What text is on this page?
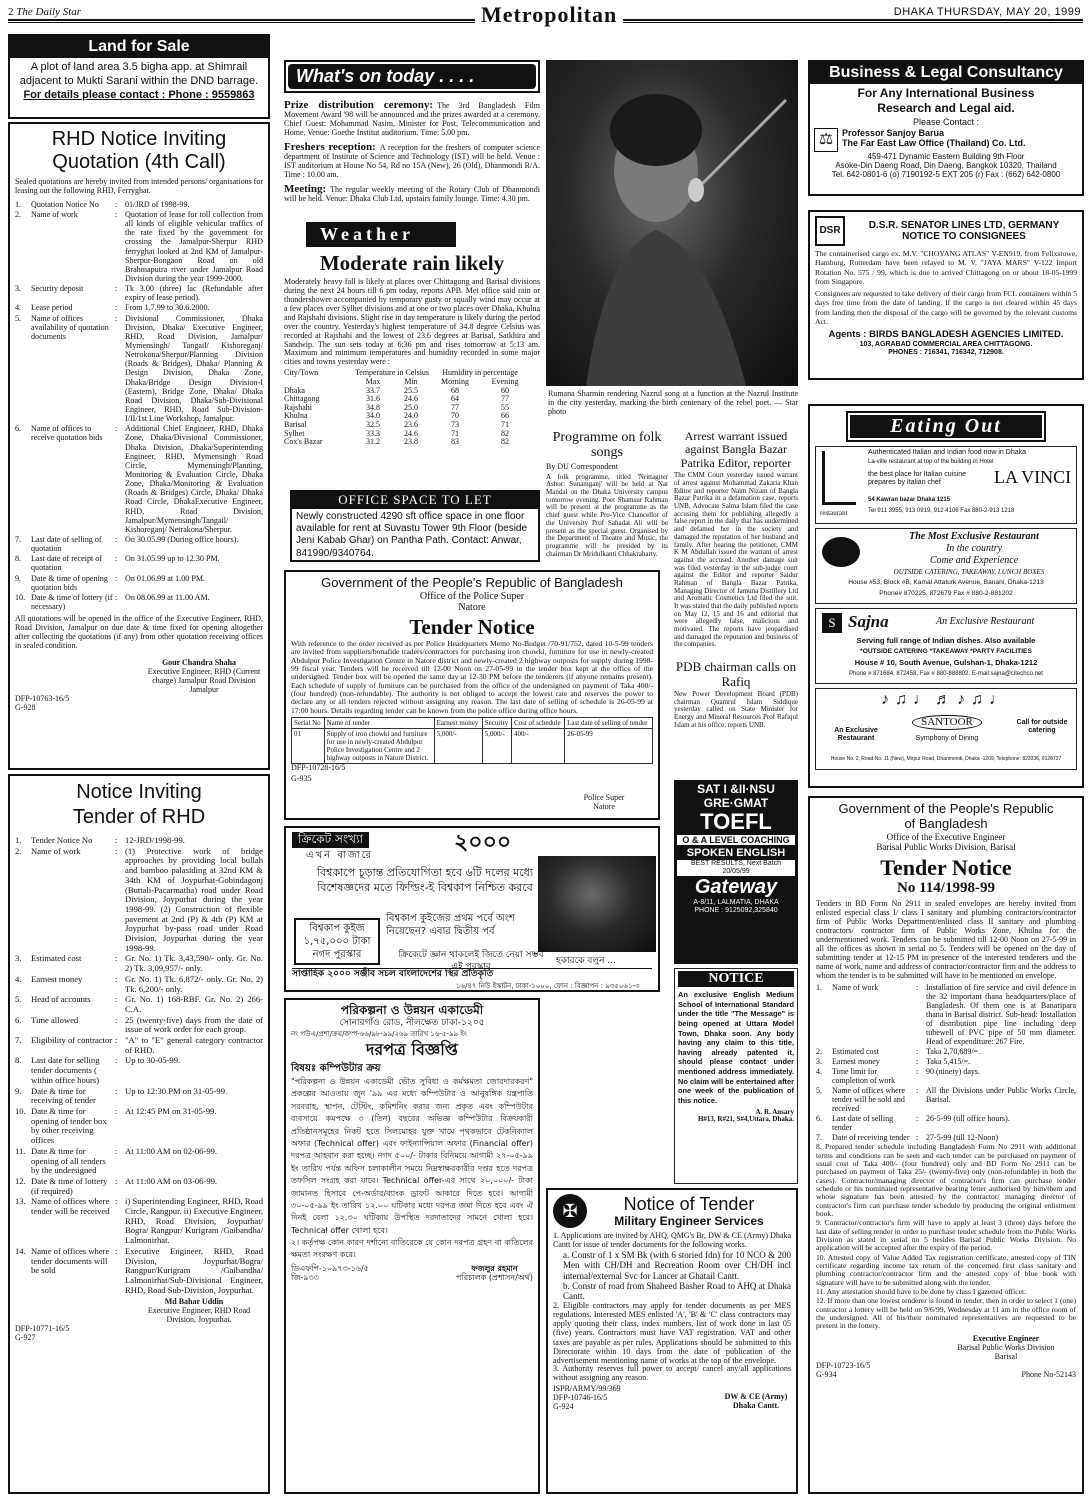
2 The Daily Star	Metropolitan	DHAKA THURSDAY, MAY 20, 1999
Land for Sale
A plot of land area 3.5 bigha app. at Shimrail adjacent to Mukti Sarani within the DND barrage.
For details please contact : Phone : 9559863
RHD Notice Inviting Quotation (4th Call)
Sealed quotations are hereby invited from intended persons/ organisations for leasing out the following RHD, Ferryghat.
1.	Quotation Notice No	: 01/JRD of 1998-99.
2.	Name of work	: Quotation of lease for toll collection from all kinds of eligible vehicular traffics of the rate fixed by the government for crossing the Jamalpur-Sherpur RHD ferryghat looked at 2nd KM of Jamalpur-Sherpur-Bongaon Road on old Brahmaputra river under Jamalpur Road Division during the year 1999-2000.
3.	Security deposit	: Tk 3.00 (three) lac (Refundable after expiry of lease period).
4.	Lease period	: From 1.7.99 to 30.6.2000.
5.	Name of offices availability of quotation documents
: Divisional Commissioner, Dhaka Division, Dhaka/ Executive Engineer, RHD, Road Division, Jamalpur/ Mymensingh/ Tangail/ Kishoreganj/ Netrokona/Sherpur/Planning Division (Roads & Bridges), Dhaka/ Planning & Design Division, Dhaka Zone, Dhaka/Bridge Design Division-I (Eastern), Bridge Zone, Dhaka/ Dhaka Road Division, Dhaka/Sub-Divisional Engineer, RHD, Road Sub-Division-I/II/1st Line Workshop, Jamalpur.
6.	Name of offices to receive quotation bids
: Additional Chief Engineer, RHD, Dhaka Zone, Dhaka/Divisional Commissioner, Dhaka Division, Dhaka/Superintending Engineer, RHD, Mymensingh Road Circle, Mymensingh/Planning, Monitoring & Evaluation Circle, Dhaka Zone, Dhaka/Monitoring & Evaluation (Roads & Bridges) Circle, Dhaka/ Dhaka Road Circle, DhakaExecutive Engineer, RHD, Road Division, Jamalpur/Mymensingh/Tangail/ Kishoreganj/ Netrakona/Sherpur.
7.	Last date of selling of quotation
: On 30.05.99 (During office hours).
8.	Last date of receipt of quotation
: On 31.05.99 up to 12.30 PM.
9.	Date & time of opening quotation bids
: On 01.06.99 at 1.00 PM.
10. Date & time of lottery (if necessary)
: On 08.06.99 at 11.00 AM.
All quotations will be opened in the office of the Executive Engineer, RHD, Road Division, Jamalpur on due date & time fixed for opening altogether after collecting the quotations (if any) from other quotation receiving offices in sealed condition.
Gour Chandra Shaha
Executive Engineer, RHD (Current charge) Jamalpur Road Division Jamalpur
DFP-10763-16/5
G-928
Notice Inviting Tender of RHD
1.	Tender Notice No	: 12-JRD/1998-99.
2.	Name of work	: (1) Protective work of bridge approaches by providing local bullah and bamboo palasiding at 32nd KM & 34th KM of Joypurhat-Gobindagonj (Buttali-Pacarmatha) road under Road Division, Joypurhat during the year 1998-99. (2) Construction of flexible pavement at 2nd (P) & 4th (P) KM at Joypurhat by-pass road under Road Division, Joypurhat during the year 1998-99.
3.	Estimated cost	: Gr. No. 1) Tk. 3,43,590/- only. Gr. No. 2) Tk. 3,09,957/- only.
4.	Earnest money	: Gr. No. 1) Tk. 6,872/- only. Gr. No. 2) Tk. 6,200/- only.
5.	Head of accounts	: Gr. No. 1) 168-RBF. Gr. No. 2) 266-C.A.
6.	Time allowed	: 25 (twenty-five) days from the date of issue of work order for each group.
7.	Eligibility of contractor : "A" to "E" general category contractor of RHD.
8.	Last date for selling tender documents ( within office hours)
: Up to 30-05-99.
9.	Date & time for receiving of tender
: Up to 12:30 PM on 31-05-99.
10. Date & time for opening of tender box by other receiving offices
: At 12:45 PM on 31-05-99.
11. Date & time for opening of all tenders by the undersigned
: At 11:00 AM on 02-06-99.
12. Date & time of lottery (if required)
: At 11:00 AM on 03-06-99.
13. Name of offices where tender will be received
: i) Superintending Engineer, RHD, Road Circle, Rangpur. ii) Executive Engineer, RHD, Road Division, Joypurhat/ Bogra/ Rangpur/ Kurigram /Gaibandha/ Lalmonirhat.
14. Name of offices where tender documents will be sold
: Executive Engineer, RHD, Road Division, Joypurhat/Bogra/ Rangpur/Kurigram /Gaibandha/ Lalmonirhat/Sub-Divisional Engineer, RHD, Road Sub-Division, Joypurhat.
Md Bahar Uddin
Executive Engineer, RHD Road Division, Joypurhat.
DFP-10771-16/5
G-927
What's on today . . . .
Prize distribution ceremony: The 3rd Bangladesh Film Movement Award '98 will be announced and the prizes awarded at a ceremony. Chief Guest: Mohammad Nasim, Minister for Post, Telecommunication and Home. Venue: Goethe Institut auditorium. Time: 5.00 pm.
Freshers reception: A reception for the freshers of computer science department of Institute of Science and Technology (IST) will be held. Venue : IST auditorium at House No 54, Rd no 15A (New), 26 (Old), Dhanmondi R/A. Time : 10.00 am.
Meeting: The regular weekly meeting of the Rotary Club of Dhanmondi will be held. Venue: Dhaka Club Ltd, upstairs family lounge. Time: 4.30 pm.
Weather
Moderate rain likely
Moderately heavy fall is likely at places over Chittagong and Barisal divisions during the next 24 hours till 6 pm today, reports APB. Met office said rain or thundershower accompanied by temporary gusty or squally wind may occur at a few places over Sylhet divisions and at one or two places over Dhaka, Khulna and Rajshahi divisions. Slight rise in day temperature is likely during the period over the country. Yesterday's highest temperature of 34.8 degree Celsius was recorded at Rajshahi and the lowest of 23.6 degrees at Barisal, Satkhira and Sandwip. The sun sets today at 6:36 pm and rises tomorrow at 5:13 am. Maximum and minimum temperatures and humidity recorded in some major cities and towns yesterday were :
City/Town	Temperature in Celsius	Humidity in percentage
Max	Min	Morning	Evening
Dhaka	33.7	25.5	68	60
Chittagong	31.6	24.6	64	77
Rajshahi	34.8	25.0	77	55
Khulna	34.0	24.0	70	66
Barisal	32.5	23.6	73	71
Sylhet	33.3	24.6	71	82
Cox's Bazar	31.2	23.8	83	82
OFFICE SPACE TO LET
Newly constructed 4290 sft office space in one floor available for rent at Suvastu Tower 9th Floor (beside Jeni Kabab Ghar) on Pantha Path. Contact: Anwar, 841990/9340764.
Government of the People's Republic of Bangladesh
Office of the Police Super Natore
Tender Notice
With reference to the order received as per Police Headquarters Memo No-Budget /70-91/752, dated 10-5-99 tenders are invited from suppliers/bonafide traders/contractors for purchasing iron chowki, furniture for use in newly-created Abdulpur Police Investigation Centre in Natore district and newly-created 2 highway outposts for supply during 1998-99 fiscal year. Tenders will be received till 12-00 Noon on 27-05-99 in the tender box kept at the office of the undersigned. Tender box will be opened the same day at 12-30 PM before the tenderers (if anyone remains present). Each schedule of supply of furniture can be purchased from the office of the undersigned on payment of Taka 400/- (four hundred) (non-refundable). The authority is not obliged to accept the lowest rate and reserves the power to declare any or all tenders rejected without assigning any reason. The last date of selling of schedule is 26-05-99 at 17:00 hours. Details regarding tender can be known from the police office during office hours.
Serial No	Name of tender	Earnest money	Security	Cost of schedule	Last date of selling of tender
01	Supply of iron chowki and furniture for use in newly-created Abdulpur Police Investigation Centre and 2 highway outposts in Natore District.	5,000/-	5,000/-	400/-	26-05-99
DFP-10728-16/5
G-935
Police Super Natore
ক্রিকেট সংখ্যা
এখন বাজারে
২০০০
বিশ্বকাপে চূড়ান্ত প্রতিযোগিতা হবে ৬টি দলের মধ্যে বিশেষজ্ঞদের মতে ফিল্ডিং-ই বিশ্বকাপ নিশ্চিত করবে
বিশ্বকাপ কুইজ ১,৭৫,০০০ টাকা নগদ পুরস্কার
বিশ্বকাপ কুইজের প্রথম পর্বে অংশ নিয়েছেন? এবার দ্বিতীয় পর্ব
ক্রিকেটে জ্ঞান থাকলেই জিতে নেয়া সম্ভব এই পুরস্কার
হকারকে বলুন ...
সাপ্তাহিক ২০০০ সঞ্জীব সচল বাংলাদেশের স্থির প্রতিকৃতি
১৬/৪৭ নিউ ইস্কাটন, ঢাকা-১০০০, ফোন : বিজ্ঞাপন : ৯৩৫০৬১-৩
পরিকল্পনা ও উন্নয়ন একাডেমী
সোনারগাঁও রোড, নীলক্ষেত ঢাকা-১২০৫
নং পউএ/প্রশা/ক্রয়/কম্প-৬৬/৯৮-৯৯/২৬৯ তারিখ ১৬-৫-৯৯ ইং
দরপত্র বিজ্ঞপ্তি
বিষয়ঃ কম্পিউটার ক্রয়
"পরিকল্পনা ও উন্নয়ন একাডেমী ভৌত সুবিধা ও কর্মক্ষমতা জোরদারকরণ" প্রকল্পের আওতায় জুন '৯৯ এর মধ্যে কম্পিউটার ও আনুষঙ্গিক যন্ত্রপাতি সরবরাহ, স্থাপন, টেস্টিং, কমিশনিং করার জন্য প্রকৃত এবং কম্পিউটার ব্যবসায়ে কমপক্ষে ৩ (তিন) বছরের অভিজ্ঞ কম্পিউটার বিক্রয়কারী প্রতিষ্ঠানসমূহের নিকট হতে সিলমোহর যুক্ত খামে পৃথকভাবে টেকনিক্যাল অফার (Technical offer) এবং ফাইন্যান্সিয়াল অফার (Financial offer) দরপত্র আহবান করা হচ্ছে। নগদ ৫০০/- টাকার বিনিময়ে আগামী ২৭-০৫-৯৯ ইং তারিখ পর্যন্ত অফিস চলাকালীন সময়ে নিম্নস্বাক্ষরকারীর দপ্তর হতে দরপত্র তফসিল সংগ্রহ করা যাবে। Technical offer-এর সাথে ২০,০০০/- টাকা জামানত হিসাবে পে-অর্ডার/ব্যাংক ড্রাফট আকারে দিতে হবে। আগামী ৩০-০৫-৯৯ ইং তারিখ ১২.০০ ঘটিকার মধ্যে দরপত্র জমা দিতে হবে এবং ঐ দিনই বেলা ১২.৩০ ঘটিকায় উপস্থিত দরদাতাদের সামনে খোলা হবে। Technical offer খোলা হবে।
২। কর্তৃপক্ষ কোন কারণ দর্শানো ব্যতিরেকে যে কোন দরপত্র গ্রহণ বা বাতিলের ক্ষমতা সংরক্ষণ করে।
ডিএফপি-১০৯৭৩-১৬/৫
জি-৯৩৩
ফজলুর রহমান
পরিচালক (প্রশাসন/অর্থ)
Rumana Sharmin rendering Nazrul song at a function at the Nazrul Institute in the city yesterday, marking the birth centenary of the rebel poet. — Star photo
Programme on folk songs
By DU Correspondent
A folk programme, titled 'Nrittagiter Ashor: Sunamganj' will be held at Nat Mandal on the Dhaka University campus tomorrow evening. Poet Shamsur Rahman will be present at the programme as the chief guest while Pro-Vice Chancellor of the University Prof Sahadat Ali will be present as the special guest. Organised by the Department of Theatre and Music, the programme will be presided by its chairman Dr Mridulkanti Chhakrabarty.
Arrest warrant issued against Bangla Bazar Patrika Editor, reporter
The CMM Court yesterday issued warrant of arrest against Mohammad Zakaria Khan Editor and reporter Naim Nizam of Bangla Bazar Patrika in a defamation case, reports UNB. Advocate Salma Islam filed the case accusing them for publishing allegedly a false report in the daily that has undermined and defamed her in the society and damaged the reputation of her husband and family. After hearing the petitioner, CMM K M Abdullah issued the warrant of arrest against the accused. Another damage suit was filed yesterday in the sub-judge court against the Editor and reporter Saidur Rahman of Bangla Bazar Patrika, Managing Director of Jamuna Distillery Ltd and Aromatic Cosmetics Ltd filed the suit. It was stated that the daily published reports on May 12, 15 and 16 and editorial that were allegedly false, malicious and motivated. The reports have jeopardised and damaged the reputation and business of the companies.
PDB chairman calls on Rafiq
New Power Development Board (PDB) chairman Quamrul Islam Siddique yesterday called on State Minister for Energy and Mineral Resources Prof Rafiqul Islam at his office, reports UNB.
SAT I &II·NSU
GRE·GMAT
TOEFL
O & A LEVEL COACHING
SPOKEN ENGLISH
BEST RESULTS, Next Batch 20/05/99
Gateway
A-8/11, LALMATIA, DHAKA
PHONE : 9125092,325840
NOTICE
An exclusive English Medium School of International Standard under the title "The Message" is being opened at Uttara Model Town, Dhaka soon. Any body having any claim to this title, having already patented it, should please contact under mentioned address immediately. No claim will be entertained after one week of the publication of this notice.
A. R. Ansary
H#13, R#21, S#4,Uttara, Dhaka.
✠	Notice of Tender
Military Engineer Services
1. Applications are invited by AHQ, QMG's Br, DW & CE (Army) Dhaka Cantt for issue of tender documents for the following works.
a. Constr of 1 x SM Bk (with 6 storied fdn) for 10 NCO & 200 Men with CH/DH and Recreation Room over CH/DH incl internal/external Svc for Lancer at Ghatail Cantt.
b. Constr of road from Shaheed Basher Road to AHQ at Dhaka Cantt.
2. Eligible contractors may apply for tender documents as per MES regulations. Interested MES enlisted 'A', 'B' & 'C' class contractors may apply quoting their class, index numbers, list of work done in last 05 (five) years. Contractors must have VAT registration. VAT and other taxes are payable as per rules. Applications should be submitted to this Directorate within 10 days from the date of publication of the advertisement mentioning name of works at the top of the envelope.
3. Authority reserves full power to accept/ cancel any/all applications without assigning any reason.
ISPR/ARMY/99/369
DFP-10746-16/5
G-924
DW & CE (Army) Dhaka Cantt.
Business & Legal Consultancy
For Any International Business Research and Legal aid.
Please Contact :
⚖ Professor Sanjoy Barua
The Far East Law Office (Thailand) Co. Ltd.
459-471 Dynamic Eastern Building 9th Floor
Asoke-Din Daeng Road, Din Daeng, Bangkok 10320, Thailand
Tel. 642-0801-6 (o) 7190192-5 EXT 205 (r) Fax : (662) 642-0800
DSR	D.S.R. SENATOR LINES LTD, GERMANY
NOTICE TO CONSIGNEES
The containerised cargo ex. M.V. "CHOYANG ATLAS" V-EN919, from Felixstowe, Hamburg, Rotterdam have been relayed to M. V. "JAYA MARS" V-122 Import Rotation No. 575 / 99, which is due to arrived Chittagong on or about 18-05-1999 from Singapore.
Consignees are requested to take delivery of their cargo from FCL containers within 5 days free time from the date of landing. If the cargo is not cleared within 45 days from landing then the disposal of the cargo will be governed by the relevant customs Act.
Agents : BIRDS BANGLADESH AGENCIES LIMITED.
103, AGRABAD COMMERCIAL AREA CHITTAGONG.
PHONES : 716341, 716342, 712908.
Eating Out
Authenticated Italian and Indian food now in Dhaka
La-ville restaurant at top of the building in Hotel
the best place for Italian cuisine prepares by Italian chef	LA VINCI
54 Kawran bazar Dhaka 1215
Tel 911 3955, 913 0919, 912 4106 Fax 880-2-913 1218
restaurant
The Most Exclusive Restaurant
In the country
Come and Experience
OUTSIDE CATERING, TAKEAWAY, LUNCH BOXES
House #53, Block #B, Kamal Attaturk Avenue, Banani, Dhaka-1213
Phone# 870225, 872679 Fax # 880-2-881202
S Sajna	An Exclusive Restaurant
Serving full range of Indian dishes. Also available
*OUTSIDE CATERING *TAKEAWAY *PARTY FACILITIES
House # 10, South Avenue, Gulshan-1, Dhaka-1212
Phone # 871684, 872458, Fax # 880-888802. E-mail:sajna@citechco.net
♪♫♩♬♪♫♩
SANTOOR
An Exclusive Restaurant	Symphony of Dining
Call for outside catering
House No. 2, Road No. 11 (New), Mirpur Road, Dhanmondi, Dhaka -1209, Telephone: 823336, 9128737
Government of the People's Republic of Bangladesh
Office of the Executive Engineer
Barisal Public Works Division, Barisal
Tender Notice
No 114/1998-99
Tenders in BD Form No 2911 in sealed envelopes are hereby invited from enlisted especial class I/ class I sanitary and plumbing contractors/contractor firm of Public Works Department/enlisted class II sanitary and plumbing contractors/ contractor firm of Public Works Zone, Khulna for the undermentioned work. Tenders can be submitted till 12-00 Noon on 27-5-99 in all the offices as shown in serial no 5. Tenders will be opened on the day of submitting tender at 12-15 PM in presence of the interested tenderers and the name of work, name and address of contractor/contractor firm and the address to whom the tender is to be submitted will have to be mentioned on envelope.
1.	Name of work	: Installation of fire service and civil defence in the 32 important thana headquarters/place of Bangladesh. Of them one is at Banaripara thana in Barisal district. Sub-head: Installation of distribution pipe line including deep tubewell of PVC pipe of 50 mm diameter. Head of expenditure: 267 Fire.
2.	Estimated cost	: Taka 2,70,689/=.
3.	Earnest money	: Taka 5,415/=.
4.	Time limit for completion of work
: 90 (ninety) days.
5.	Name of offices where tender will be sold and received
: All the Divisions under Public Works Circle, Barisal.
6.	Last date of selling tender
: 26-5-99 (till office hours).
7.	Date of receiving tender : 27-5-99 (till 12-Noon)
8. Prepared tender schedule including Bangladesh Form No 2911 with additional terms and conditions can be seen and each tender can be purchased on payment of usual cost of Taka 400/- (four hundred) only and BD Form No 2911 can be purchased on payment of Taka 25/- (twenty-five) only (non-refundable) in both the cases). Contractor/managing director of contractor's firm can purchase tender schedule or his nominated representative bearing letter authorised by him/them and whose signature has been attested by the contractor/ managing director of contractor's firm can purchase tender schedule by producing the original enlistment book.
9. Contractor/contractor's firm will have to apply at least 3 (three) days before the last date of selling tender in order to purchase tender schedule from the Public Works Division as stated in serial no 5 besides Barisal Public Works Division. No application will be accepted after the expiry of the period.
10. Attested copy of Value Added Tax registration certificate, attested copy of TIN certificate regarding income tax return of the concerned first class sanitary and plumbing contractor/contractor firm and the attested copy of blue book with signature will have to be submitted along with the tender.
11. Any attestation should have to be done by class I gazetted officer.
12. If more than one lowest tenderer is found in tender, then in order to select 1 (one) contractor a lottery will be held on 9/6/99, Wednesday at 11 am in the office room of the undersigned. All of his/their nominated representatives are requested to be present in the lottery.
Executive Engineer
Barisal Public Works Division
Barisal
DFP-10723-16/5
G-934	Phone No-52143
